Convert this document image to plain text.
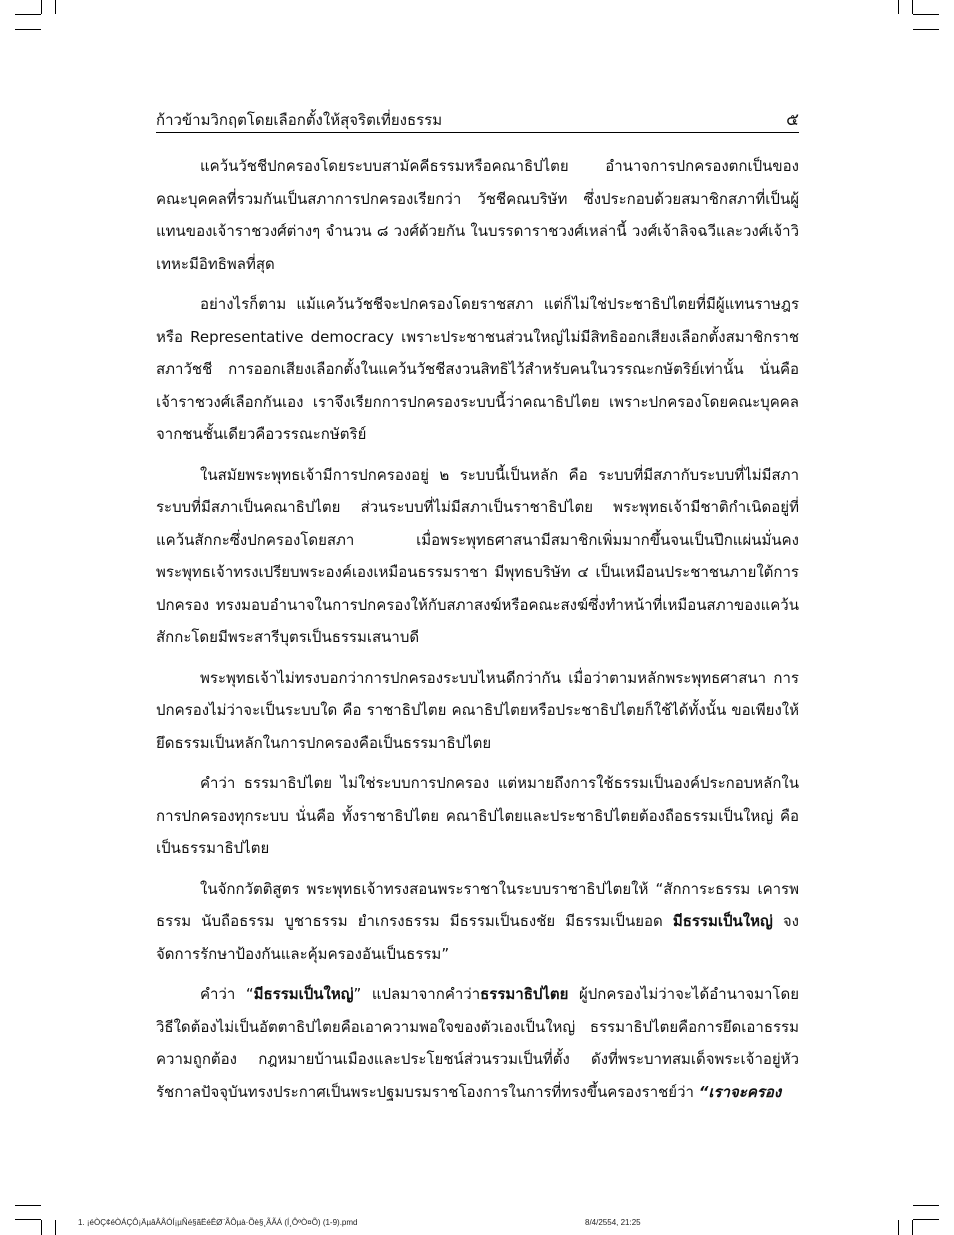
ก้าวข้ามวิกฤตโดยเลือกตั้งให้สุจริตเที่ยงธรรม	๕

แคว้นวัชชีปกครองโดยระบบสามัคคีธรรมหรือคณาธิปไตย อำนาจการปกครองตกเป็นของคณะบุคคลที่รวมกันเป็นสภาการปกครองเรียกว่า วัชชีคณบริษัท ซึ่งประกอบด้วยสมาชิกสภาที่เป็นผู้แทนของเจ้าราชวงศ์ต่างๆ จำนวน ๘ วงศ์ด้วยกัน ในบรรดาราชวงศ์เหล่านี้ วงศ์เจ้าลิจฉวีและวงศ์เจ้าวิเทหะมีอิทธิพลที่สุด

อย่างไรก็ตาม แม้แคว้นวัชชีจะปกครองโดยราชสภา แต่ก็ไม่ใช่ประชาธิปไตยที่มีผู้แทนราษฎร หรือ Representative democracy เพราะประชาชนส่วนใหญ่ไม่มีสิทธิออกเสียงเลือกตั้งสมาชิกราชสภาวัชชี การออกเสียงเลือกตั้งในแคว้นวัชชีสงวนสิทธิไว้สำหรับคนในวรรณะกษัตริย์เท่านั้น นั่นคือเจ้าราชวงศ์เลือกกันเอง เราจึงเรียกการปกครองระบบนี้ว่าคณาธิปไตย เพราะปกครองโดยคณะบุคคลจากชนชั้นเดียวคือวรรณะกษัตริย์

ในสมัยพระพุทธเจ้ามีการปกครองอยู่ ๒ ระบบนี้เป็นหลัก คือ ระบบที่มีสภากับระบบที่ไม่มีสภา ระบบที่มีสภาเป็นคณาธิปไตย ส่วนระบบที่ไม่มีสภาเป็นราชาธิปไตย พระพุทธเจ้ามีชาติกำเนิดอยู่ที่แคว้นสักกะซึ่งปกครองโดยสภา เมื่อพระพุทธศาสนามีสมาชิกเพิ่มมากขึ้นจนเป็นปึกแผ่นมั่นคง พระพุทธเจ้าทรงเปรียบพระองค์เองเหมือนธรรมราชา มีพุทธบริษัท ๔ เป็นเหมือนประชาชนภายใต้การปกครอง ทรงมอบอำนาจในการปกครองให้กับสภาสงฆ์หรือคณะสงฆ์ซึ่งทำหน้าที่เหมือนสภาของแคว้นสักกะโดยมีพระสารีบุตรเป็นธรรมเสนาบดี

พระพุทธเจ้าไม่ทรงบอกว่าการปกครองระบบไหนดีกว่ากัน เมื่อว่าตามหลักพระพุทธศาสนา การปกครองไม่ว่าจะเป็นระบบใด คือ ราชาธิปไตย คณาธิปไตยหรือประชาธิปไตยก็ใช้ได้ทั้งนั้น ขอเพียงให้ยึดธรรมเป็นหลักในการปกครองคือเป็นธรรมาธิปไตย

คำว่า ธรรมาธิปไตย ไม่ใช่ระบบการปกครอง แต่หมายถึงการใช้ธรรมเป็นองค์ประกอบหลักในการปกครองทุกระบบ นั่นคือ ทั้งราชาธิปไตย คณาธิปไตยและประชาธิปไตยต้องถือธรรมเป็นใหญ่ คือเป็นธรรมาธิปไตย

ในจักกวัตติสูตร พระพุทธเจ้าทรงสอนพระราชาในระบบราชาธิปไตยให้ “สักการะธรรม เคารพธรรม นับถือธรรม บูชาธรรม ยำเกรงธรรม มีธรรมเป็นธงชัย มีธรรมเป็นยอด มีธรรมเป็นใหญ่ จงจัดการรักษาป้องกันและคุ้มครองอันเป็นธรรม”

คำว่า “มีธรรมเป็นใหญ่” แปลมาจากคำว่าธรรมาธิปไตย ผู้ปกครองไม่ว่าจะได้อำนาจมาโดยวิธีใดต้องไม่เป็นอัตตาธิปไตยคือเอาความพอใจของตัวเองเป็นใหญ่ ธรรมาธิปไตยคือการยึดเอาธรรม ความถูกต้อง กฎหมายบ้านเมืองและประโยชน์ส่วนรวมเป็นที่ตั้ง ดังที่พระบาทสมเด็จพระเจ้าอยู่หัวรัชกาลปัจจุบันทรงประกาศเป็นพระปฐมบรมราชโองการในการที่ทรงขึ้นครองราชย์ว่า “เราจะครอง

1. ¡éÒÇ¢éÒÁÇÔ¡ÄµâÂÅÓÍ¡µÑé§ãËéÊØ¨ÃÔµà·Õè§¸ÃÃÁ (Í¸ÔºÒ¤Õ) (1-9).pmd	8/4/2554, 21:25
